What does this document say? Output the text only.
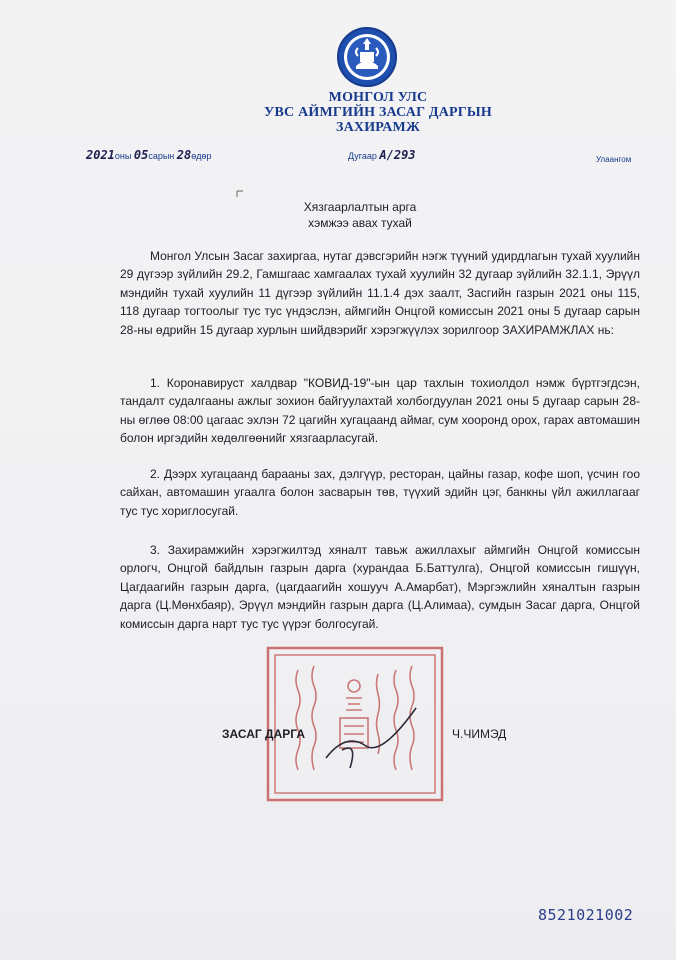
МОНГОЛ УЛС
УВС АЙМГИЙН ЗАСАГ ДАРГЫН
ЗАХИРАМЖ
2021оны 05сарын 28өдөр	Дугаар А/293	Улаангом
Хязгаарлалтын арга
хэмжээ авах тухай
Монгол Улсын Засаг захиргаа, нутаг дэвсгэрийн нэгж түүний удирдлагын тухай хуулийн 29 дүгээр зүйлийн 29.2, Гамшгаас хамгаалах тухай хуулийн 32 дугаар зүйлийн 32.1.1, Эрүүл мэндийн тухай хуулийн 11 дүгээр зүйлийн 11.1.4 дэх заалт, Засгийн газрын 2021 оны 115, 118 дугаар тогтоолыг тус тус үндэслэн, аймгийн Онцгой комиссын 2021 оны 5 дугаар сарын 28-ны өдрийн 15 дугаар хурлын шийдвэрийг хэрэгжүүлэх зорилгоор ЗАХИРАМЖЛАХ нь:
1. Коронавируст халдвар "КОВИД-19"-ын цар тахлын тохиолдол нэмж бүртгэгдсэн, тандалт судалгааны ажлыг зохион байгуулахтай холбогдуулан 2021 оны 5 дугаар сарын 28-ны өглөө 08:00 цагаас эхлэн 72 цагийн хугацаанд аймаг, сум хооронд орох, гарах автомашин болон иргэдийн хөдөлгөөнийг хязгаарласугай.
2. Дээрх хугацаанд барааны зах, дэлгүүр, ресторан, цайны газар, кофе шоп, үсчин гоо сайхан, автомашин угаалга болон засварын төв, түүхий эдийн цэг, банкны үйл ажиллагааг тус тус хориглосугай.
3. Захирамжийн хэрэгжилтэд хяналт тавьж ажиллахыг аймгийн Онцгой комиссын орлогч, Онцгой байдлын газрын дарга (хурандаа Б.Баттулга), Онцгой комиссын гишүүн, Цагдаагийн газрын дарга, (цагдаагийн хошууч А.Амарбат), Мэргэжлийн хяналтын газрын дарга (Ц.Мөнхбаяр), Эрүүл мэндийн газрын дарга (Ц.Алимаа), сумдын Засаг дарга, Онцгой комиссын дарга нарт тус тус үүрэг болгосугай.
ЗАСАГ ДАРГА	Ч.ЧИМЭД
8521021002
